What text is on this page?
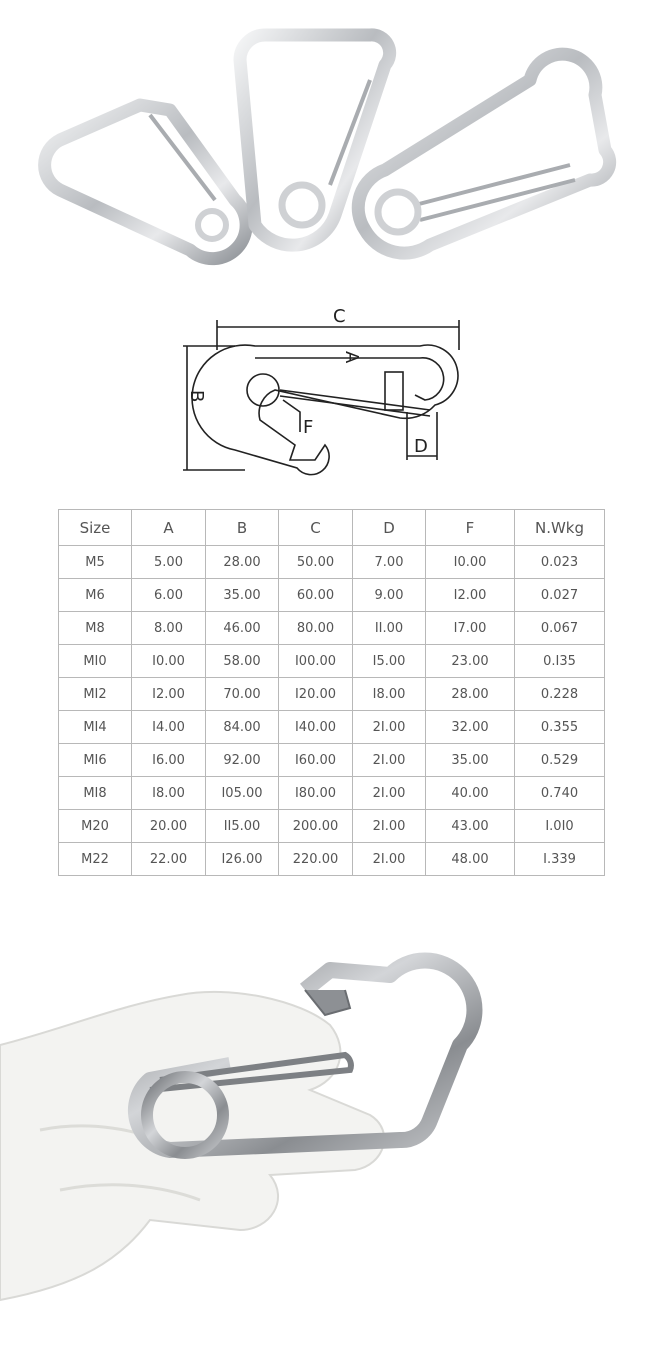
C
B
A
D
F
Size	A	B	C	D	F	N.Wkg
M5	5.00	28.00	50.00	7.00	I0.00	0.023
M6	6.00	35.00	60.00	9.00	I2.00	0.027
M8	8.00	46.00	80.00	II.00	I7.00	0.067
MI0	I0.00	58.00	I00.00	I5.00	23.00	0.I35
MI2	I2.00	70.00	I20.00	I8.00	28.00	0.228
MI4	I4.00	84.00	I40.00	2I.00	32.00	0.355
MI6	I6.00	92.00	I60.00	2I.00	35.00	0.529
MI8	I8.00	I05.00	I80.00	2I.00	40.00	0.740
M20	20.00	II5.00	200.00	2I.00	43.00	I.0I0
M22	22.00	I26.00	220.00	2I.00	48.00	I.339
